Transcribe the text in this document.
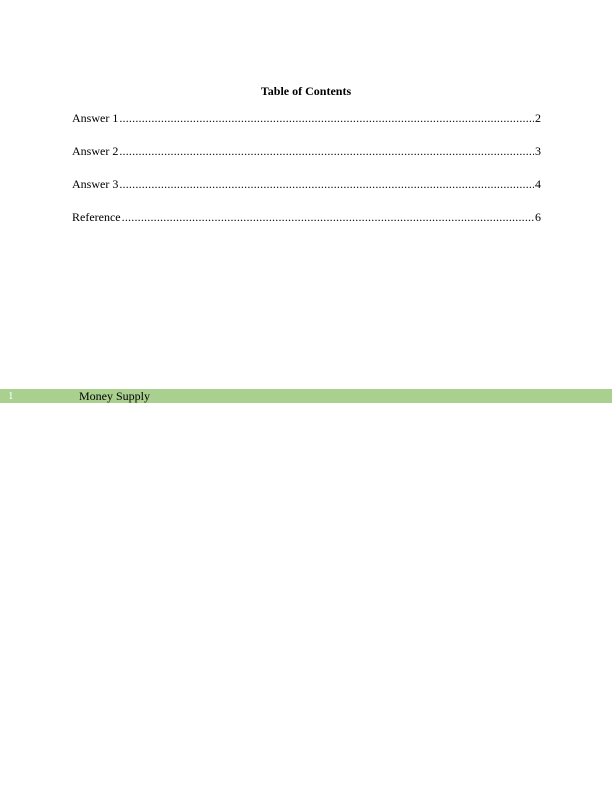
Table of Contents
Answer 1 .....	2
Answer 2 .....	3
Answer 3 .....	4
Reference .....	6
1	Money Supply
